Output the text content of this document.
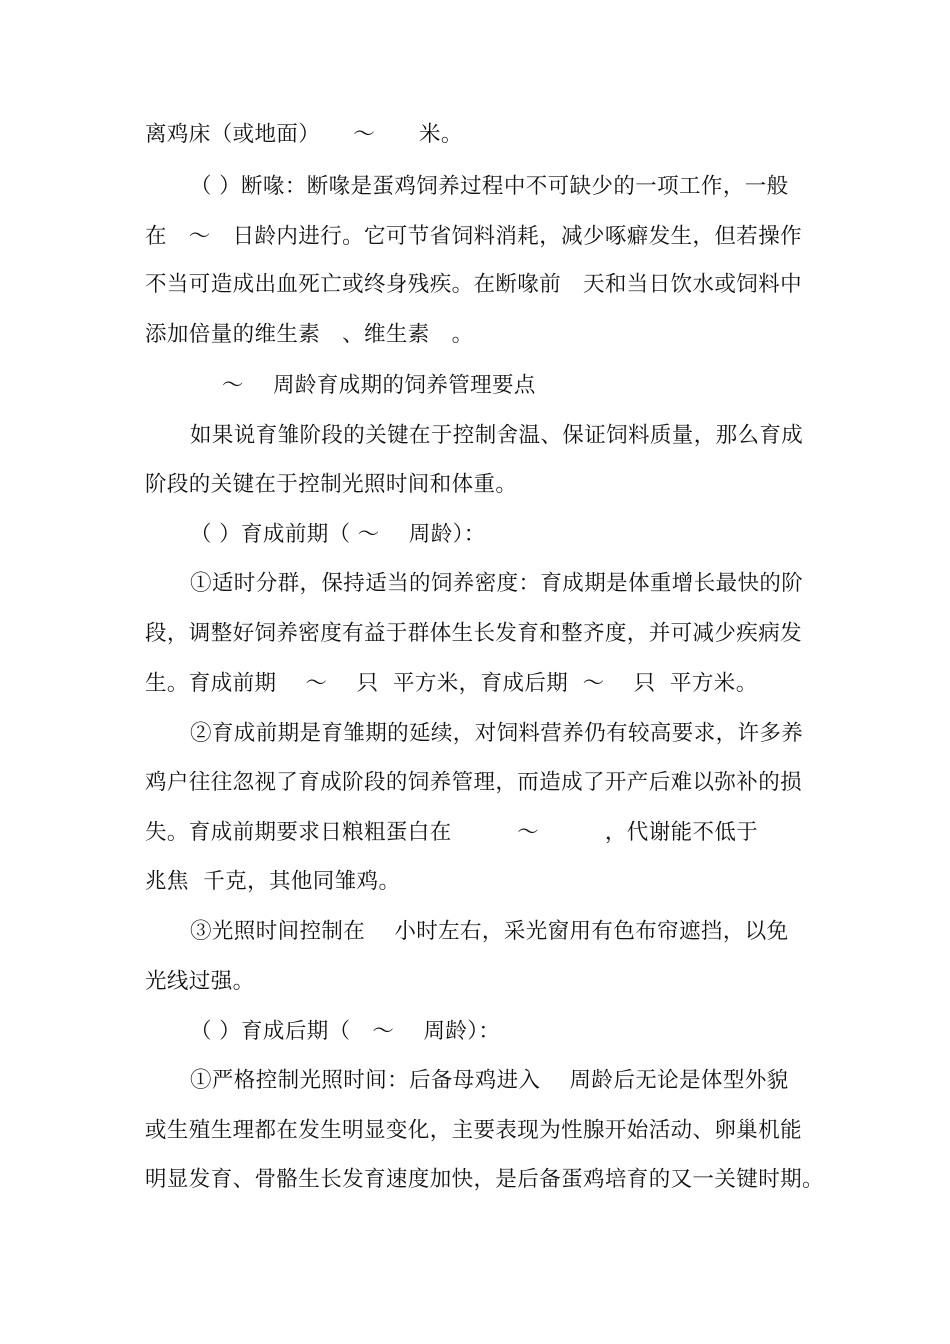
离鸡床（或地面）　　～　　米。
（ ）断喙：断喙是蛋鸡饲养过程中不可缺少的一项工作，一般
在　～　日龄内进行。它可节省饲料消耗，减少啄癖发生，但若操作
不当可造成出血死亡或终身残疾。在断喙前　天和当日饮水或饲料中
添加倍量的维生素　、维生素　。
～　 周龄育成期的饲养管理要点
如果说育雏阶段的关键在于控制舍温、保证饲料质量，那么育成
阶段的关键在于控制光照时间和体重。
（ ）育成前期（ ～　 周龄）：
①适时分群，保持适当的饲养密度：育成期是体重增长最快的阶
段，调整好饲养密度有益于群体生长发育和整齐度，并可减少疾病发
生。育成前期　 ～　 只  平方米，育成后期  ～　 只  平方米。
②育成前期是育雏期的延续，对饲料营养仍有较高要求，许多养
鸡户往往忽视了育成阶段的饲养管理，而造成了开产后难以弥补的损
失。育成前期要求日粮粗蛋白在　　　～　　　，代谢能不低于
兆焦  千克，其他同雏鸡。
③光照时间控制在　 小时左右，采光窗用有色布帘遮挡，以免
光线过强。
（ ）育成后期（　～　 周龄）：
①严格控制光照时间：后备母鸡进入　 周龄后无论是体型外貌
或生殖生理都在发生明显变化，主要表现为性腺开始活动、卵巢机能
明显发育、骨骼生长发育速度加快，是后备蛋鸡培育的又一关键时期。
